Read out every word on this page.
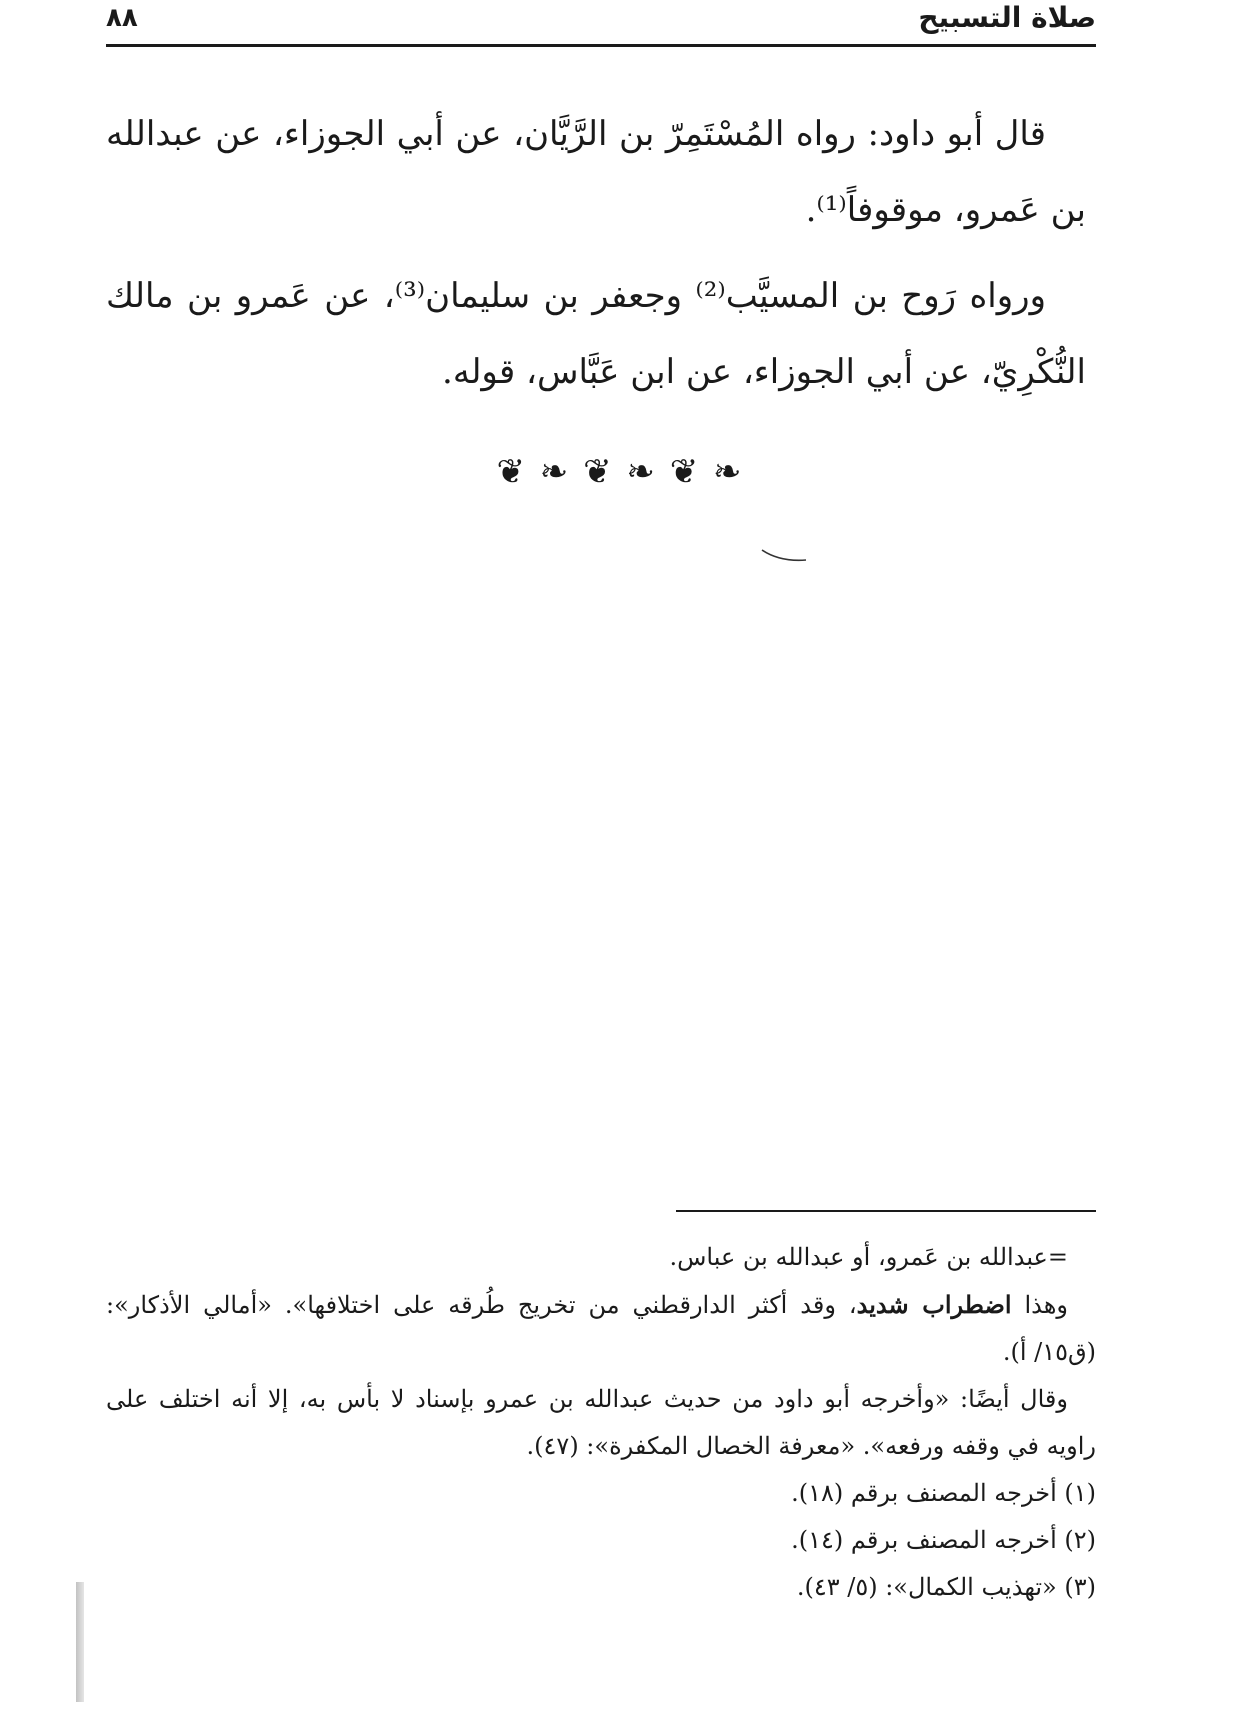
صلاة التسبيح
٨٨

قال أبو داود: رواه المُسْتَمِرّ بن الرَّيَّان، عن أبي الجوزاء، عن عبدالله بن عَمرو، موقوفاً⁽¹⁾.

ورواه رَوح بن المسيَّب⁽²⁾ وجعفر بن سليمان⁽³⁾، عن عَمرو بن مالك النُّكْرِيّ، عن أبي الجوزاء، عن ابن عَبَّاس، قوله.

❦ ❧ ❦ ❧ ❦ ❧

=عبدالله بن عَمرو، أو عبدالله بن عباس.

وهذا اضطراب شديد، وقد أكثر الدارقطني من تخريج طُرقه على اختلافها». «أمالي الأذكار»: (ق١٥/ أ).

وقال أيضًا: «وأخرجه أبو داود من حديث عبدالله بن عمرو بإسناد لا بأس به، إلا أنه اختلف على راويه في وقفه ورفعه». «معرفة الخصال المكفرة»: (٤٧).

(١) أخرجه المصنف برقم (١٨).

(٢) أخرجه المصنف برقم (١٤).

(٣) «تهذيب الكمال»: (٥/ ٤٣).
